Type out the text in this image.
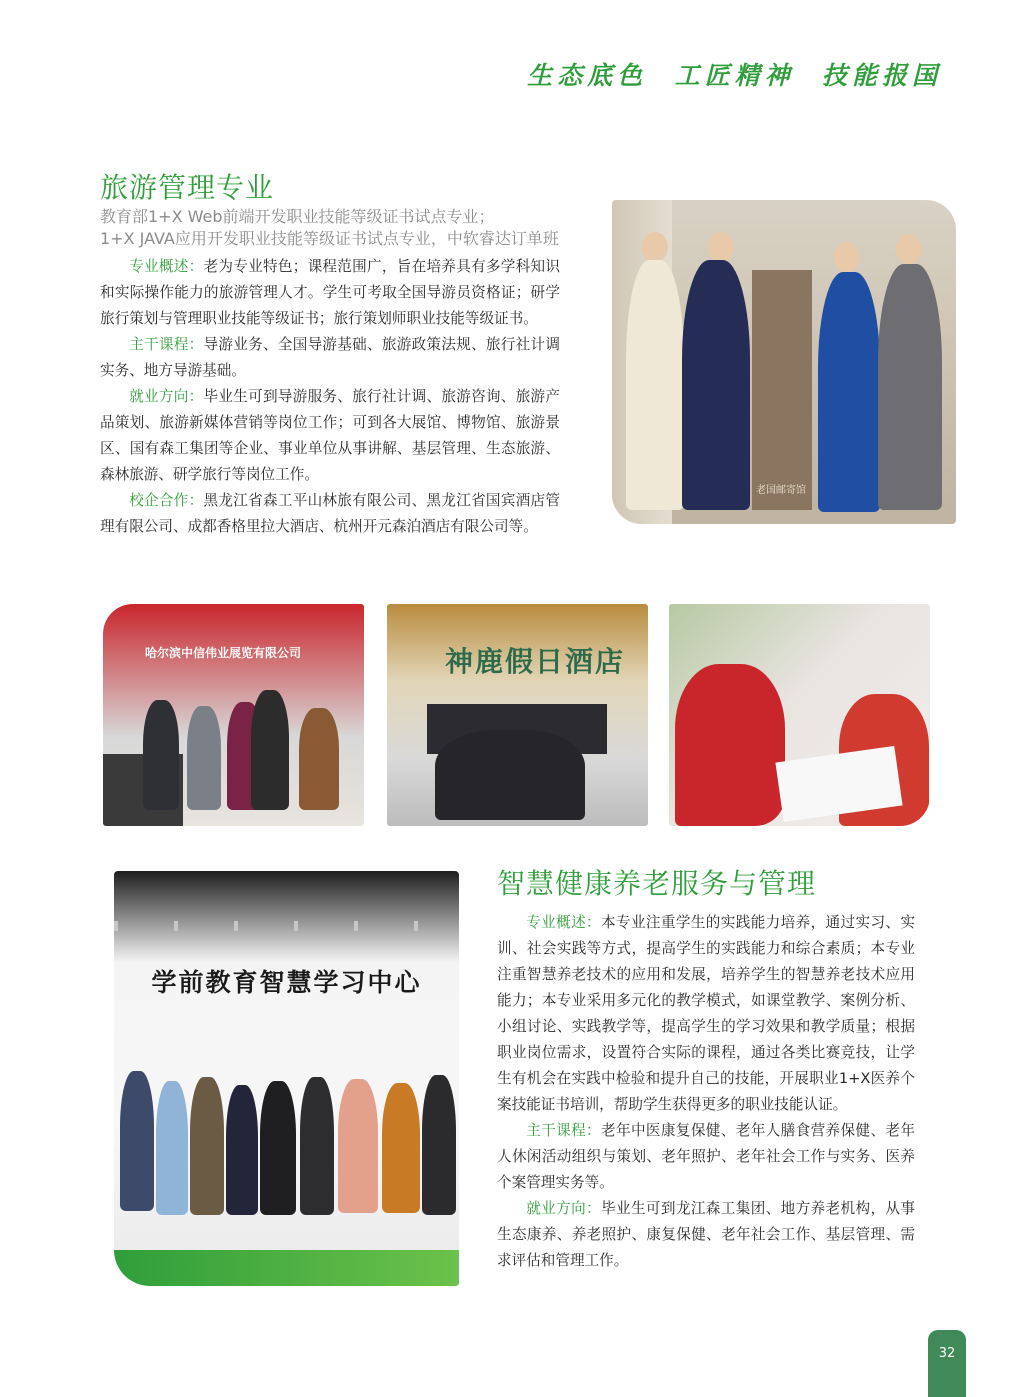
生态底色  工匠精神  技能报国
旅游管理专业
教育部1+X Web前端开发职业技能等级证书试点专业；
1+X JAVA应用开发职业技能等级证书试点专业，中软睿达订单班

专业概述：老为专业特色；课程范围广，旨在培养具有多学科知识和实际操作能力的旅游管理人才。学生可考取全国导游员资格证；研学旅行策划与管理职业技能等级证书；旅行策划师职业技能等级证书。

主干课程：导游业务、全国导游基础、旅游政策法规、旅行社计调实务、地方导游基础。

就业方向：毕业生可到导游服务、旅行社计调、旅游咨询、旅游产品策划、旅游新媒体营销等岗位工作；可到各大展馆、博物馆、旅游景区、国有森工集团等企业、事业单位从事讲解、基层管理、生态旅游、森林旅游、研学旅行等岗位工作。

校企合作：黑龙江省森工平山林旅有限公司、黑龙江省国宾酒店管理有限公司、成都香格里拉大酒店、杭州开元森泊酒店有限公司等。

老国邮寄馆
哈尔滨中信伟业展览有限公司	神鹿假日酒店
学前教育智慧学习中心
智慧健康养老服务与管理

专业概述：本专业注重学生的实践能力培养，通过实习、实训、社会实践等方式，提高学生的实践能力和综合素质；本专业注重智慧养老技术的应用和发展，培养学生的智慧养老技术应用能力；本专业采用多元化的教学模式，如课堂教学、案例分析、小组讨论、实践教学等，提高学生的学习效果和教学质量；根据职业岗位需求，设置符合实际的课程，通过各类比赛竞技，让学生有机会在实践中检验和提升自己的技能，开展职业1+X医养个案技能证书培训，帮助学生获得更多的职业技能认证。

主干课程：老年中医康复保健、老年人膳食营养保健、老年人休闲活动组织与策划、老年照护、老年社会工作与实务、医养个案管理实务等。

就业方向：毕业生可到龙江森工集团、地方养老机构，从事生态康养、养老照护、康复保健、老年社会工作、基层管理、需求评估和管理工作。

32
